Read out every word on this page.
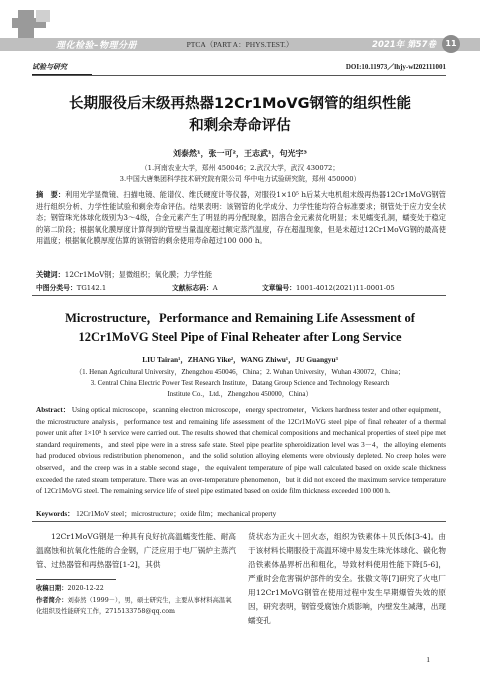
理化检验–物理分册	PTCA（PART A：PHYS.TEST.）	2021年 第57卷	11
试验与研究	DOI:10.11973／lhjy-wl202111001
长期服役后末级再热器12Cr1MoVG钢管的组织性能
和剩余寿命评估
刘泰然¹，张一可²，王志武¹，句光宇³
（1.河南农业大学，郑州 450046；2.武汉大学，武汉 430072；
3.中国大唐集团科学技术研究院有限公司 华中电力试验研究院，郑州 450000）
摘　要：利用光学显微镜、扫描电镜、能谱仪、维氏硬度计等仪器，对服役1×10⁵ h后某大电机组末级再热器12Cr1MoVG钢管进行组织分析、力学性能试验和剩余寿命评估。结果表明：该钢管的化学成分、力学性能均符合标准要求；钢管处于应力安全状态；钢管珠光体球化级别为3～4级，合金元素产生了明显的再分配现象，固溶合金元素贫化明显；未见蠕变孔洞，蠕变处于稳定的第二阶段；根据氧化膜厚度计算得到的管壁当量温度超过额定蒸汽温度，存在超温现象，但是未超过12Cr1MoVG钢的最高使用温度；根据氧化膜厚度估算的该钢管的剩余使用寿命超过100 000 h。
关键词：12Cr1MoV钢；显微组织；氧化膜；力学性能
中图分类号：TG142.1	文献标志码：A	文章编号：1001-4012(2021)11-0001-05
Microstructure，Performance and Remaining Life Assessment of
12Cr1MoVG Steel Pipe of Final Reheater after Long Service
LIU Tairan¹，ZHANG Yike²，WANG Zhiwu¹，JU Guangyu³
（1. Henan Agricultural University，Zhengzhou 450046，China；2. Wuhan University，Wuhan 430072，China；
3. Central China Electric Power Test Research Institute，Datang Group Science and Technology Research
Institute Co.，Ltd.，Zhengzhou 450000，China）
Abstract： Using optical microscope，scanning electron microscope，energy spectrometer，Vickers hardness tester and other equipment，the microstructure analysis，performance test and remaining life assessment of the 12Cr1MoVG steel pipe of final reheater of a thermal power unit after 1×10⁵ h service were carried out. The results showed that chemical compositions and mechanical properties of steel pipe met standard requirements，and steel pipe were in a stress safe state. Steel pipe pearlite spheroidization level was 3－4，the alloying elements had produced obvious redistribution phenomenon，and the solid solution alloying elements were obviously depleted. No creep holes were observed，and the creep was in a stable second stage，the equivalent temperature of pipe wall calculated based on oxide scale thickness exceeded the rated steam temperature. There was an over-temperature phenomenon，but it did not exceed the maximum service temperature of 12Cr1MoVG steel. The remaining service life of steel pipe estimated based on oxide film thickness exceeded 100 000 h.
Keywords： 12Cr1MoV steel；microstructure；oxide film；mechanical property
12Cr1MoVG钢是一种具有良好抗高温蠕变性能、耐高温腐蚀和抗氧化性能的合金钢，广泛应用于电厂锅炉主蒸汽管、过热器管和再热器管[1-2]，其供
货状态为正火＋回火态，组织为铁素体＋贝氏体[3-4]。由于该材料长期服役于高温环境中易发生珠光体球化、碳化物沿铁素体晶界析出和粗化，导致材料使用性能下降[5-6]，严重时会危害锅炉部件的安全。张傲文等[7]研究了火电厂用12Cr1MoVG钢管在使用过程中发生早期爆管失效的原因，研究表明，钢管受腐蚀介质影响，内壁发生减薄，出现蠕变孔
收稿日期：2020-12-22
作者简介：刘泰然（1999－），男，硕士研究生，主要从事材料高温氧化组织及性能研究工作，2715133758@qq.com
1
